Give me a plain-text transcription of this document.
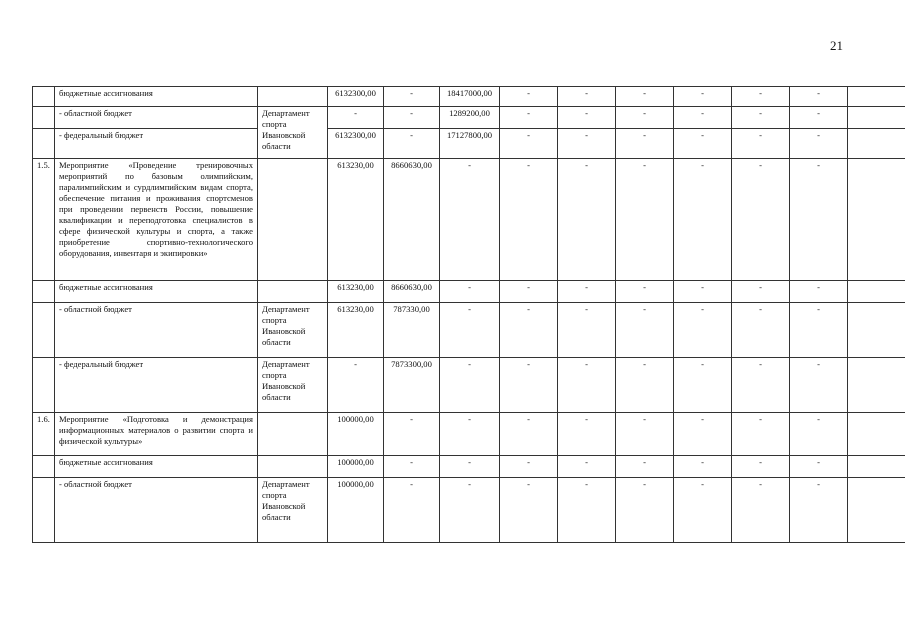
21
	бюджетные ассигнования		6132300,00	-	18417000,00	-	-	-	-	-	-	
	- областной бюджет	Департамент спорта Ивановской области	-	-	1289200,00	-	-	-	-	-	-	
	- федеральный бюджет		6132300,00	-	17127800,00	-	-	-	-	-	-	
1.5.	Мероприятие «Проведение тренировочных мероприятий по базовым олимпийским, паралимпийским и сурдлимпийским видам спорта, обеспечение питания и проживания спортсменов при проведении первенств России, повышение квалификации и переподготовка специалистов в сфере физической культуры и спорта, а также приобретение спортивно-технологического оборудования, инвентаря и экипировки»		613230,00	8660630,00	-	-	-	-	-	-	-	
	бюджетные ассигнования		613230,00	8660630,00	-	-	-	-	-	-	-	
	- областной бюджет	Департамент спорта Ивановской области	613230,00	787330,00	-	-	-	-	-	-	-	
	- федеральный бюджет	Департамент спорта Ивановской области	-	7873300,00	-	-	-	-	-	-	-	
1.6.	Мероприятие «Подготовка и демонстрация информационных материалов о развитии спорта и физической культуры»		100000,00	-	-	-	-	-	-	-	-	
	бюджетные ассигнования		100000,00	-	-	-	-	-	-	-	-	
	- областной бюджет	Департамент спорта Ивановской области	100000,00	-	-	-	-	-	-	-	-	
